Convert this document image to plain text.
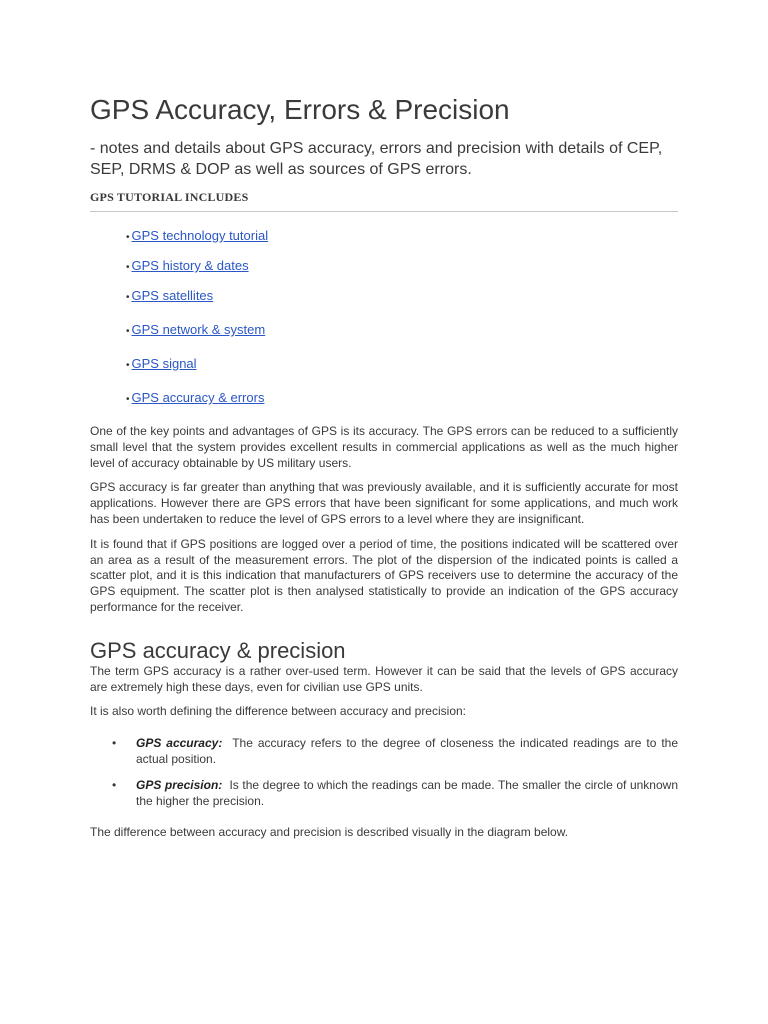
GPS Accuracy, Errors & Precision

- notes and details about GPS accuracy, errors and precision with details of CEP, SEP, DRMS & DOP as well as sources of GPS errors.

GPS TUTORIAL INCLUDES
• GPS technology tutorial
• GPS history & dates
• GPS satellites
• GPS network & system
• GPS signal
• GPS accuracy & errors

One of the key points and advantages of GPS is its accuracy. The GPS errors can be reduced to a sufficiently small level that the system provides excellent results in commercial applications as well as the much higher level of accuracy obtainable by US military users.

GPS accuracy is far greater than anything that was previously available, and it is sufficiently accurate for most applications. However there are GPS errors that have been significant for some applications, and much work has been undertaken to reduce the level of GPS errors to a level where they are insignificant.

It is found that if GPS positions are logged over a period of time, the positions indicated will be scattered over an area as a result of the measurement errors. The plot of the dispersion of the indicated points is called a scatter plot, and it is this indication that manufacturers of GPS receivers use to determine the accuracy of the GPS equipment. The scatter plot is then analysed statistically to provide an indication of the GPS accuracy performance for the receiver.

GPS accuracy & precision

The term GPS accuracy is a rather over-used term. However it can be said that the levels of GPS accuracy are extremely high these days, even for civilian use GPS units.

It is also worth defining the difference between accuracy and precision:

• GPS accuracy: The accuracy refers to the degree of closeness the indicated readings are to the actual position.
• GPS precision: Is the degree to which the readings can be made. The smaller the circle of unknown the higher the precision.

The difference between accuracy and precision is described visually in the diagram below.
